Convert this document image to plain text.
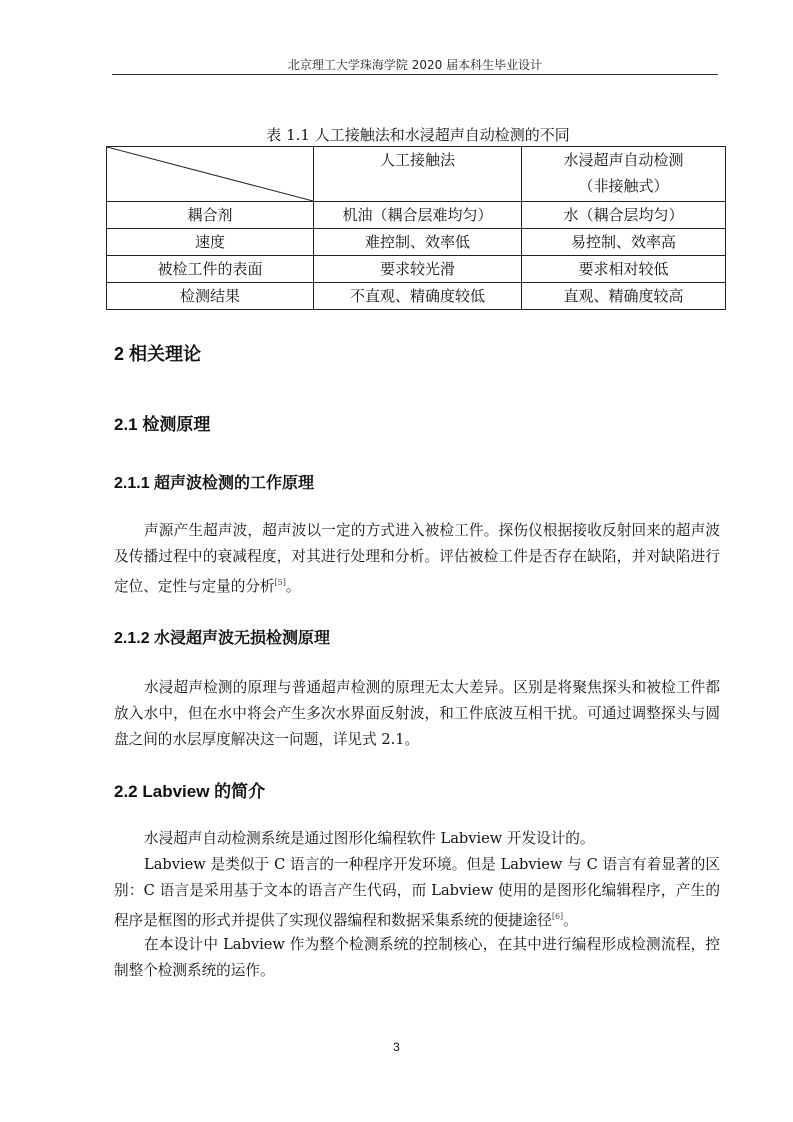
北京理工大学珠海学院 2020 届本科生毕业设计
表 1.1 人工接触法和水浸超声自动检测的不同
	人工接触法	水浸超声自动检测
（非接触式）

耦合剂	机油（耦合层难均匀）	水（耦合层均匀）
速度	难控制、效率低	易控制、效率高
被检工件的表面	要求较光滑	要求相对较低
检测结果	不直观、精确度较低	直观、精确度较高
2 相关理论
2.1 检测原理
2.1.1 超声波检测的工作原理

声源产生超声波，超声波以一定的方式进入被检工件。探伤仪根据接收反射回来的超声波及传播过程中的衰减程度，对其进行处理和分析。评估被检工件是否存在缺陷，并对缺陷进行定位、定性与定量的分析[5]。

2.1.2 水浸超声波无损检测原理

水浸超声检测的原理与普通超声检测的原理无太大差异。区别是将聚焦探头和被检工件都放入水中，但在水中将会产生多次水界面反射波，和工件底波互相干扰。可通过调整探头与圆盘之间的水层厚度解决这一问题，详见式 2.1。

2.2 Labview 的简介

水浸超声自动检测系统是通过图形化编程软件 Labview 开发设计的。

Labview 是类似于 C 语言的一种程序开发环境。但是 Labview 与 C 语言有着显著的区别：C 语言是采用基于文本的语言产生代码，而 Labview 使用的是图形化编辑程序，产生的程序是框图的形式并提供了实现仪器编程和数据采集系统的便捷途径[6]。

在本设计中 Labview 作为整个检测系统的控制核心，在其中进行编程形成检测流程，控制整个检测系统的运作。

3
